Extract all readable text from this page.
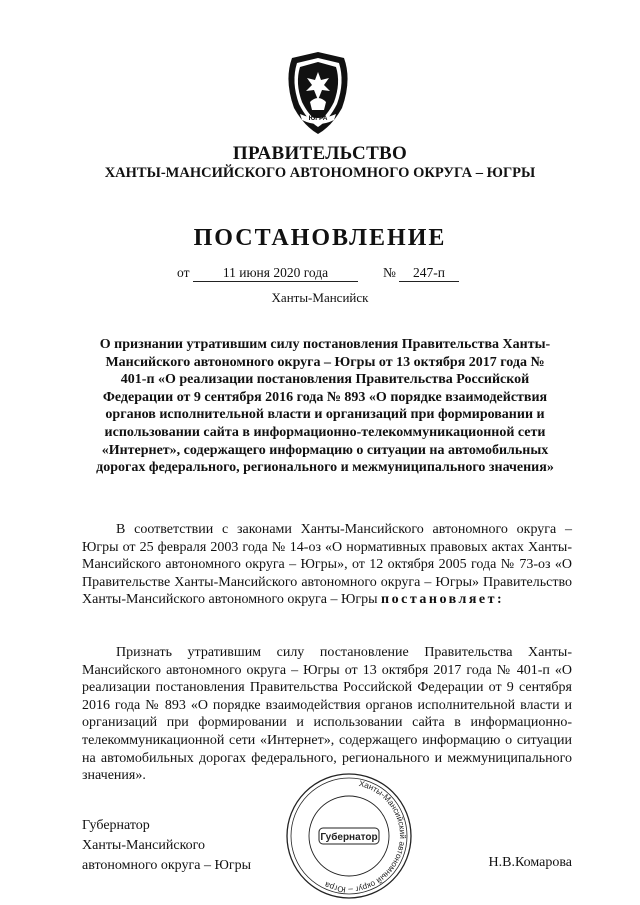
ЮГРА
ПРАВИТЕЛЬСТВО
ХАНТЫ-МАНСИЙСКОГО АВТОНОМНОГО ОКРУГА – ЮГРЫ
ПОСТАНОВЛЕНИЕ
от	11 июня 2020 года	№	247-п
Ханты-Мансийск
О признании утратившим силу постановления Правительства Ханты-Мансийского автономного округа – Югры от 13 октября 2017 года № 401-п «О реализации постановления Правительства Российской Федерации от 9 сентября 2016 года № 893 «О порядке взаимодействия органов исполнительной власти и организаций при формировании и использовании сайта в информационно-телекоммуникационной сети «Интернет», содержащего информацию о ситуации на автомобильных дорогах федерального, регионального и межмуниципального значения»

В соответствии с законами Ханты-Мансийского автономного округа – Югры от 25 февраля 2003 года № 14-оз «О нормативных правовых актах Ханты-Мансийского автономного округа – Югры», от 12 октября 2005 года № 73-оз «О Правительстве Ханты-Мансийского автономного округа – Югры» Правительство Ханты-Мансийского автономного округа – Югры постановляет:

Признать утратившим силу постановление Правительства Ханты-Мансийского автономного округа – Югры от 13 октября 2017 года № 401-п «О реализации постановления Правительства Российской Федерации от 9 сентября 2016 года № 893 «О порядке взаимодействия органов исполнительной власти и организаций при формировании и использовании сайта в информационно-телекоммуникационной сети «Интернет», содержащего информацию о ситуации на автомобильных дорогах федерального, регионального и межмуниципального значения».

Губернатор
Ханты-Мансийского
автономного округа – Югры	Н.В.Комарова
Ханты-Мансийский автономный округ – Югра
Губернатор
